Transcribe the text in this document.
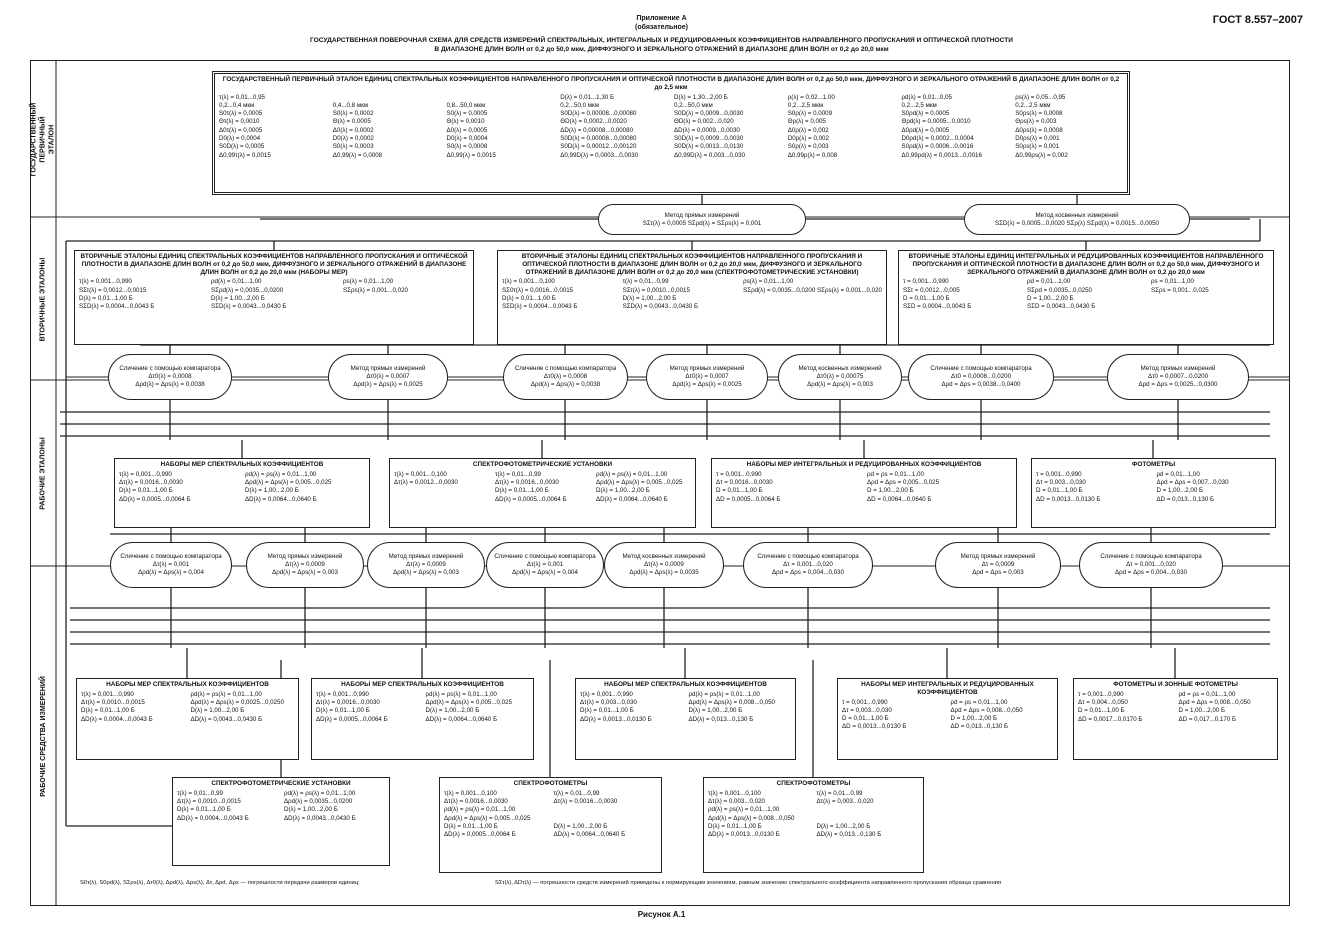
ГОСТ 8.557–2007
Приложение А
(обязательное)
ГОСУДАРСТВЕННАЯ ПОВЕРОЧНАЯ СХЕМА ДЛЯ СРЕДСТВ ИЗМЕРЕНИЙ СПЕКТРАЛЬНЫХ, ИНТЕГРАЛЬНЫХ И РЕДУЦИРОВАННЫХ КОЭФФИЦИЕНТОВ НАПРАВЛЕННОГО ПРОПУСКАНИЯ И ОПТИЧЕСКОЙ ПЛОТНОСТИ
В ДИАПАЗОНЕ ДЛИН ВОЛН от 0,2 до 50,0 мкм, ДИФФУЗНОГО И ЗЕРКАЛЬНОГО ОТРАЖЕНИЙ В ДИАПАЗОНЕ ДЛИН ВОЛН от 0,2 до 20,0 мкм
ГОСУДАРСТВЕННЫЙ ПЕРВИЧНЫЙ ЭТАЛОН
ВТОРИЧНЫЕ ЭТАЛОНЫ
РАБОЧИЕ ЭТАЛОНЫ
РАБОЧИЕ СРЕДСТВА ИЗМЕРЕНИЙ
ГОСУДАРСТВЕННЫЙ ПЕРВИЧНЫЙ ЭТАЛОН ЕДИНИЦ СПЕКТРАЛЬНЫХ КОЭФФИЦИЕНТОВ НАПРАВЛЕННОГО ПРОПУСКАНИЯ И ОПТИЧЕСКОЙ ПЛОТНОСТИ В ДИАПАЗОНЕ ДЛИН ВОЛН от 0,2 до 50,0 мкм, ДИФФУЗНОГО И ЗЕРКАЛЬНОГО ОТРАЖЕНИЙ В ДИАПАЗОНЕ ДЛИН ВОЛН от 0,2 до 2,5 мкм
τ(λ) = 0,01...0,95	D(λ) = 0,01...1,30 Б	D(λ) = 1,30...2,00 Б	ρ(λ) = 0,02...1,00	ρd(λ) = 0,01...0,05	ρs(λ) = 0,05...0,95
0,2...0,4 мкм	0,4...0,8 мкм	0,8...50,0 мкм	0,2...50,0 мкм	0,2...50,0 мкм	0,2...2,5 мкм	0,2...2,5 мкм	0,2...2,5 мкм
S0τ(λ) = 0,0005	S0(λ) = 0,0002	S0(λ) = 0,0005	S0D(λ) = 0,00008...0,00080	S0D(λ) = 0,0009...0,0030	S0ρ(λ) = 0,0009	S0ρd(λ) = 0,0005	S0ρs(λ) = 0,0008
Θτ(λ) = 0,0010	Θ(λ) = 0,0005	Θ(λ) = 0,0010	ΘD(λ) = 0,0002...0,0020	ΘD(λ) = 0,002...0,020	Θρ(λ) = 0,005	Θρd(λ) = 0,0005...0,0010	Θρs(λ) = 0,003
Δ0τ(λ) = 0,0005	Δ0(λ) = 0,0002	Δ0(λ) = 0,0005	ΔD(λ) = 0,00008...0,00080	ΔD(λ) = 0,0009...0,0030	Δ0ρ(λ) = 0,002	Δ0ρd(λ) = 0,0005	Δ0ρs(λ) = 0,0008
D0(λ) = 0,0004	D0(λ) = 0,0002	D0(λ) = 0,0004	S0D(λ) = 0,00008...0,00080	S0D(λ) = 0,0009...0,0030	D0ρ(λ) = 0,002	D0ρd(λ) = 0,0002...0,0004	D0ρs(λ) = 0,001
S0D(λ) = 0,0005	S0(λ) = 0,0003	S0(λ) = 0,0008	S0D(λ) = 0,00012...0,00120	S0D(λ) = 0,0013...0,0130	S0ρ(λ) = 0,003	S0ρd(λ) = 0,0006...0,0016	S0ρs(λ) = 0,001
Δ0,99τ(λ) = 0,0015	Δ0,99(λ) = 0,0008	Δ0,99(λ) = 0,0015	Δ0,99D(λ) = 0,0003...0,0030	Δ0,99D(λ) = 0,003...0,030	Δ0,99ρ(λ) = 0,008	Δ0,99ρd(λ) = 0,0013...0,0016	Δ0,99ρs(λ) = 0,002
Метод прямых измерений
SΣτ(λ) = 0,0005 SΣρd(λ) = SΣρs(λ) = 0,001
Метод косвенных измерений
SΣD(λ) = 0,0005...0,0020 SΣρ(λ) SΣρd(λ) = 0,0015...0,0050
ВТОРИЧНЫЕ ЭТАЛОНЫ ЕДИНИЦ СПЕКТРАЛЬНЫХ КОЭФФИЦИЕНТОВ НАПРАВЛЕННОГО ПРОПУСКАНИЯ И ОПТИЧЕСКОЙ ПЛОТНОСТИ В ДИАПАЗОНЕ ДЛИН ВОЛН от 0,2 до 50,0 мкм, ДИФФУЗНОГО И ЗЕРКАЛЬНОГО ОТРАЖЕНИЙ В ДИАПАЗОНЕ ДЛИН ВОЛН от 0,2 до 20,0 мкм (НАБОРЫ МЕР)
τ(λ) = 0,001...0,990	ρd(λ) = 0,01...1,00	ρs(λ) = 0,01...1,00
SΣτ(λ) = 0,0012...0,0015	SΣρd(λ) = 0,0035...0,0200	SΣρs(λ) = 0,001...0,020
D(λ) = 0,01...1,00 Б	D(λ) = 1,00...2,00 Б
SΣD(λ) = 0,0004...0,0043 Б	SΣD(λ) = 0,0043...0,0430 Б
ВТОРИЧНЫЕ ЭТАЛОНЫ ЕДИНИЦ СПЕКТРАЛЬНЫХ КОЭФФИЦИЕНТОВ НАПРАВЛЕННОГО ПРОПУСКАНИЯ И ОПТИЧЕСКОЙ ПЛОТНОСТИ В ДИАПАЗОНЕ ДЛИН ВОЛН от 0,2 до 20,0 мкм, ДИФФУЗНОГО И ЗЕРКАЛЬНОГО ОТРАЖЕНИЙ В ДИАПАЗОНЕ ДЛИН ВОЛН от 0,2 до 20,0 мкм (СПЕКТРОФОТОМЕТРИЧЕСКИЕ УСТАНОВКИ)
τ(λ) = 0,001...0,100	τ(λ) = 0,01...0,99	ρs(λ) = 0,01...1,00
SΣ0τ(λ) = 0,0016...0,0015	SΣτ(λ) = 0,0010...0,0015	SΣρd(λ) = 0,0035...0,0200 SΣρs(λ) = 0,001...0,020
D(λ) = 0,01...1,00 Б	D(λ) = 1,00...2,00 Б
SΣD(λ) = 0,0004...0,0043 Б	SΣD(λ) = 0,0043...0,0430 Б
ВТОРИЧНЫЕ ЭТАЛОНЫ ЕДИНИЦ ИНТЕГРАЛЬНЫХ И РЕДУЦИРОВАННЫХ КОЭФФИЦИЕНТОВ НАПРАВЛЕННОГО ПРОПУСКАНИЯ И ОПТИЧЕСКОЙ ПЛОТНОСТИ В ДИАПАЗОНЕ ДЛИН ВОЛН от 0,2 до 50,0 мкм, ДИФФУЗНОГО И ЗЕРКАЛЬНОГО ОТРАЖЕНИЙ В ДИАПАЗОНЕ ДЛИН ВОЛН от 0,2 до 20,0 мкм
τ = 0,001...0,990	ρd = 0,01...1,00	ρs = 0,01...1,00
SΣτ = 0,0012...0,005	SΣρd = 0,0035...0,0250	SΣρs = 0,001...0,025
D = 0,01...1,00 Б	D = 1,00...2,00 Б
SΣD = 0,0004...0,0043 Б	SΣD = 0,0043...0,0430 Б
Сличение с помощью компаратора
Δτ0(λ) = 0,0008
Δρd(λ) = Δρs(λ) = 0,0038
Метод прямых измерений
Δτ0(λ) = 0,0007
Δρd(λ) = Δρs(λ) = 0,0025
Сличение с помощью компаратора
Δτ0(λ) = 0,0008
Δρd(λ) = Δρs(λ) = 0,0038
Метод прямых измерений
Δτ0(λ) = 0,0007
Δρd(λ) = Δρs(λ) = 0,0025
Метод косвенных измерений
Δτ0(λ) = 0,00075
Δρd(λ) = Δρs(λ) = 0,003
Сличение с помощью компаратора
Δτ0 = 0,0008...0,0200
Δρd = Δρs = 0,0038...0,0400
Метод прямых измерений
Δτ0 = 0,0007...0,0200
Δρd = Δρs = 0,0025...0,0300
НАБОРЫ МЕР СПЕКТРАЛЬНЫХ КОЭФФИЦИЕНТОВ
τ(λ) = 0,001...0,990	ρd(λ) = ρs(λ) = 0,01...1,00
Δτ(λ) = 0,0016...0,0030	Δρd(λ) = Δρs(λ) = 0,005...0,025
D(λ) = 0,01...1,00 Б	D(λ) = 1,00...2,00 Б
ΔD(λ) = 0,0005...0,0064 Б	ΔD(λ) = 0,0064...0,0640 Б
СПЕКТРОФОТОМЕТРИЧЕСКИЕ УСТАНОВКИ
τ(λ) = 0,001...0,100	τ(λ) = 0,01...0,99	ρd(λ) = ρs(λ) = 0,01...1,00
Δτ(λ) = 0,0012...0,0030	Δτ(λ) = 0,0016...0,0030	Δρd(λ) = Δρs(λ) = 0,005...0,025
D(λ) = 0,01...1,00 Б	D(λ) = 1,00...2,00 Б
ΔD(λ) = 0,0005...0,0064 Б	ΔD(λ) = 0,0064...0,0640 Б
НАБОРЫ МЕР ИНТЕГРАЛЬНЫХ И РЕДУЦИРОВАННЫХ КОЭФФИЦИЕНТОВ
τ = 0,001...0,990	ρd = ρs = 0,01...1,00
Δτ = 0,0016...0,0030	Δρd = Δρs = 0,005...0,025
D = 0,01...1,00 Б	D = 1,00...2,00 Б
ΔD = 0,0005...0,0064 Б	ΔD = 0,0064...0,0640 Б
ФОТОМЕТРЫ
τ = 0,001...0,990	ρd = 0,01...1,00
Δτ = 0,003...0,030	Δρd = Δρs = 0,007...0,030
D = 0,01...1,00 Б	D = 1,00...2,00 Б
ΔD = 0,0013...0,0130 Б	ΔD = 0,013...0,130 Б
Сличение с помощью компаратора
Δτ(λ) = 0,001
Δρd(λ) = Δρs(λ) = 0,004
Метод прямых измерений
Δτ(λ) = 0,0009
Δρd(λ) = Δρs(λ) = 0,003
Метод прямых измерений
Δτ(λ) = 0,0009
Δρd(λ) = Δρs(λ) = 0,003
Сличение с помощью компаратора
Δτ(λ) = 0,001
Δρd(λ) = Δρs(λ) = 0,004
Метод косвенных измерений
Δτ(λ) = 0,0009
Δρd(λ) = Δρs(λ) = 0,0035
Сличение с помощью компаратора
Δτ = 0,001...0,020
Δρd = Δρs = 0,004...0,030
Метод прямых измерений
Δτ = 0,0009
Δρd = Δρs = 0,003
Сличение с помощью компаратора
Δτ = 0,001...0,020
Δρd = Δρs = 0,004...0,030
НАБОРЫ МЕР СПЕКТРАЛЬНЫХ КОЭФФИЦИЕНТОВ
τ(λ) = 0,001...0,990	ρd(λ) = ρs(λ) = 0,01...1,00
Δτ(λ) = 0,0010...0,0015	Δρd(λ) = Δρs(λ) = 0,0025...0,0250
D(λ) = 0,01...1,00 Б	D(λ) = 1,00...2,00 Б
ΔD(λ) = 0,0004...0,0043 Б	ΔD(λ) = 0,0043...0,0430 Б
НАБОРЫ МЕР СПЕКТРАЛЬНЫХ КОЭФФИЦИЕНТОВ
τ(λ) = 0,001...0,990	ρd(λ) = ρs(λ) = 0,01...1,00
Δτ(λ) = 0,0016...0,0030	Δρd(λ) = Δρs(λ) = 0,005...0,025
D(λ) = 0,01...1,00 Б	D(λ) = 1,00...2,00 Б
ΔD(λ) = 0,0005...0,0064 Б	ΔD(λ) = 0,0064...0,0640 Б
НАБОРЫ МЕР СПЕКТРАЛЬНЫХ КОЭФФИЦИЕНТОВ
τ(λ) = 0,001...0,990	ρd(λ) = ρs(λ) = 0,01...1,00
Δτ(λ) = 0,003...0,030	Δρd(λ) = Δρs(λ) = 0,008...0,050
D(λ) = 0,01...1,00 Б	D(λ) = 1,00...2,00 Б
ΔD(λ) = 0,0013...0,0130 Б	ΔD(λ) = 0,013...0,130 Б
НАБОРЫ МЕР ИНТЕГРАЛЬНЫХ И РЕДУЦИРОВАННЫХ КОЭФФИЦИЕНТОВ
τ = 0,001...0,990	ρd = ρs = 0,01...1,00
Δτ = 0,003...0,030	Δρd = Δρs = 0,008...0,050
D = 0,01...1,00 Б	D = 1,00...2,00 Б
ΔD = 0,0013...0,0130 Б	ΔD = 0,013...0,130 Б
ФОТОМЕТРЫ И ЗОННЫЕ ФОТОМЕТРЫ
τ = 0,001...0,990	ρd = ρs = 0,01...1,00
Δτ = 0,004...0,050	Δρd = Δρs = 0,008...0,050
D = 0,01...1,00 Б	D = 1,00...2,00 Б
ΔD = 0,0017...0,0170 Б	ΔD = 0,017...0,170 Б
СПЕКТРОФОТОМЕТРИЧЕСКИЕ УСТАНОВКИ
τ(λ) = 0,01...0,99	ρd(λ) = ρs(λ) = 0,01...1,00
Δτ(λ) = 0,0010...0,0015	Δρd(λ) = 0,0035...0,0200
D(λ) = 0,01...1,00 Б	D(λ) = 1,00...2,00 Б
ΔD(λ) = 0,0004...0,0043 Б	ΔD(λ) = 0,0043...0,0430 Б
СПЕКТРОФОТОМЕТРЫ
τ(λ) = 0,001...0,100	τ(λ) = 0,01...0,99
Δτ(λ) = 0,0016...0,0030	Δτ(λ) = 0,0016...0,0030
ρd(λ) = ρs(λ) = 0,01...1,00
Δρd(λ) = Δρs(λ) = 0,005...0,025
D(λ) = 0,01...1,00 Б	D(λ) = 1,00...2,00 Б
ΔD(λ) = 0,0005...0,0064 Б	ΔD(λ) = 0,0064...0,0640 Б
СПЕКТРОФОТОМЕТРЫ
τ(λ) = 0,001...0,100	τ(λ) = 0,01...0,99
Δτ(λ) = 0,003...0,020	Δτ(λ) = 0,003...0,020
ρd(λ) = ρs(λ) = 0,01...1,00
Δρd(λ) = Δρs(λ) = 0,008...0,050
D(λ) = 0,01...1,00 Б	D(λ) = 1,00...2,00 Б
ΔD(λ) = 0,0013...0,0130 Б	ΔD(λ) = 0,013...0,130 Б
S0τ(λ), S0ρd(λ), SΣρs(λ), Δτ0(λ), Δρd(λ), Δρs(λ), Δτ, Δρd, Δρs — погрешности передачи размеров единиц;	SΣτ(λ), ΔDτ(λ) — погрешности средств измерений приведены к нормирующим значениям, равным значению спектрального коэффициента направленного пропускания образца сравнения
Рисунок А.1
